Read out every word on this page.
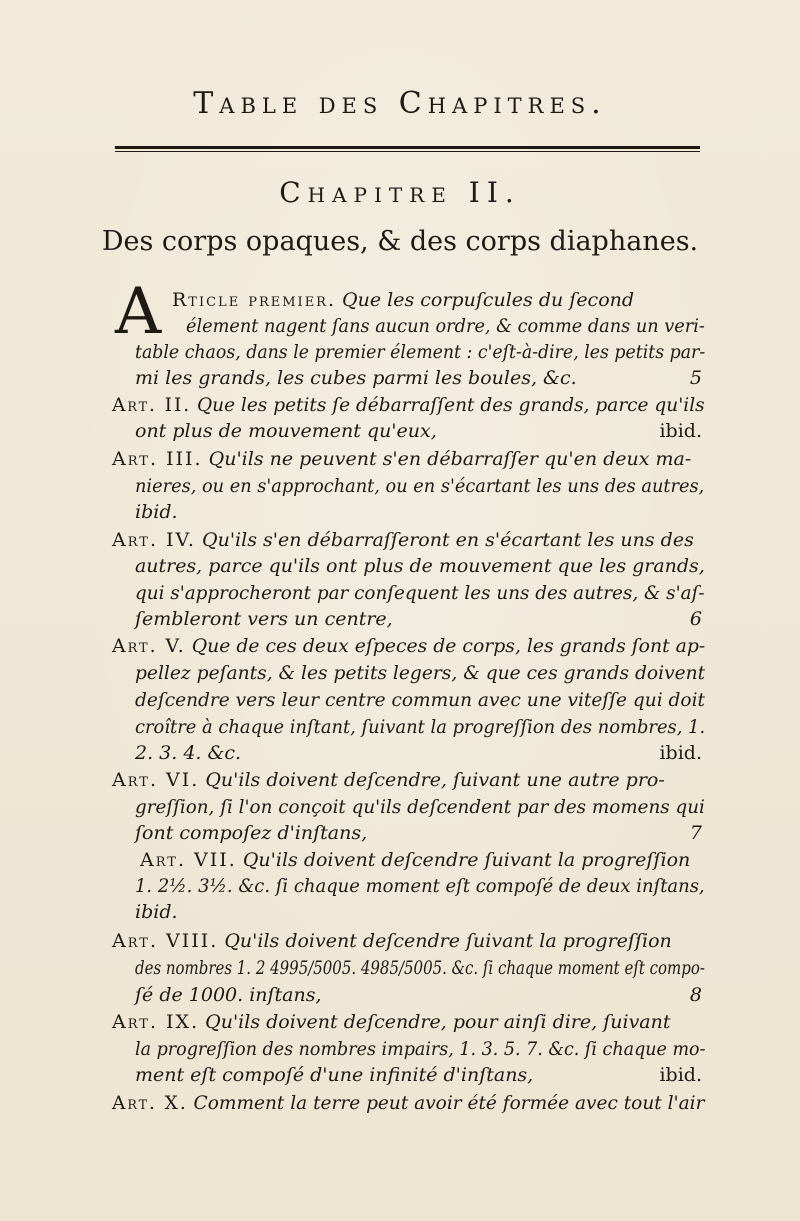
Table des Chapitres.
Chapitre II.
Des corps opaques, & des corps diaphanes.
A Rticle premier. Que les corpuſcules du ſecond
élement nagent ſans aucun ordre, & comme dans un veri-
table chaos, dans le premier élement : c'eſt-à-dire, les petits par-
mi les grands, les cubes parmi les boules, &c.	5
Art. II. Que les petits ſe débarraſſent des grands, parce qu'ils
ont plus de mouvement qu'eux,	ibid.
Art. III. Qu'ils ne peuvent s'en débarraſſer qu'en deux ma-
nieres, ou en s'approchant, ou en s'écartant les uns des autres,
ibid.
Art. IV. Qu'ils s'en débarraſſeront en s'écartant les uns des
autres, parce qu'ils ont plus de mouvement que les grands,
qui s'approcheront par conſequent les uns des autres, & s'aſ-
ſembleront vers un centre,	6
Art. V. Que de ces deux eſpeces de corps, les grands ſont ap-
pellez peſants, & les petits legers, & que ces grands doivent
deſcendre vers leur centre commun avec une viteſſe qui doit
croître à chaque inſtant, ſuivant la progreſſion des nombres, 1.
2. 3. 4. &c.	ibid.
Art. VI. Qu'ils doivent deſcendre, ſuivant une autre pro-
greſſion, ſi l'on conçoit qu'ils deſcendent par des momens qui
ſont compoſez d'inſtans,	7
Art. VII. Qu'ils doivent deſcendre ſuivant la progreſſion
1. 2½. 3½. &c. ſi chaque moment eſt compoſé de deux inſtans,
ibid.
Art. VIII. Qu'ils doivent deſcendre ſuivant la progreſſion
des nombres 1. 2 4995/5005. 4985/5005. &c. ſi chaque moment eſt compo-
ſé de 1000. inſtans,	8
Art. IX. Qu'ils doivent deſcendre, pour ainſi dire, ſuivant
la progreſſion des nombres impairs, 1. 3. 5. 7. &c. ſi chaque mo-
ment eſt compoſé d'une infinité d'inſtans,	ibid.
Art. X. Comment la terre peut avoir été formée avec tout l'air
